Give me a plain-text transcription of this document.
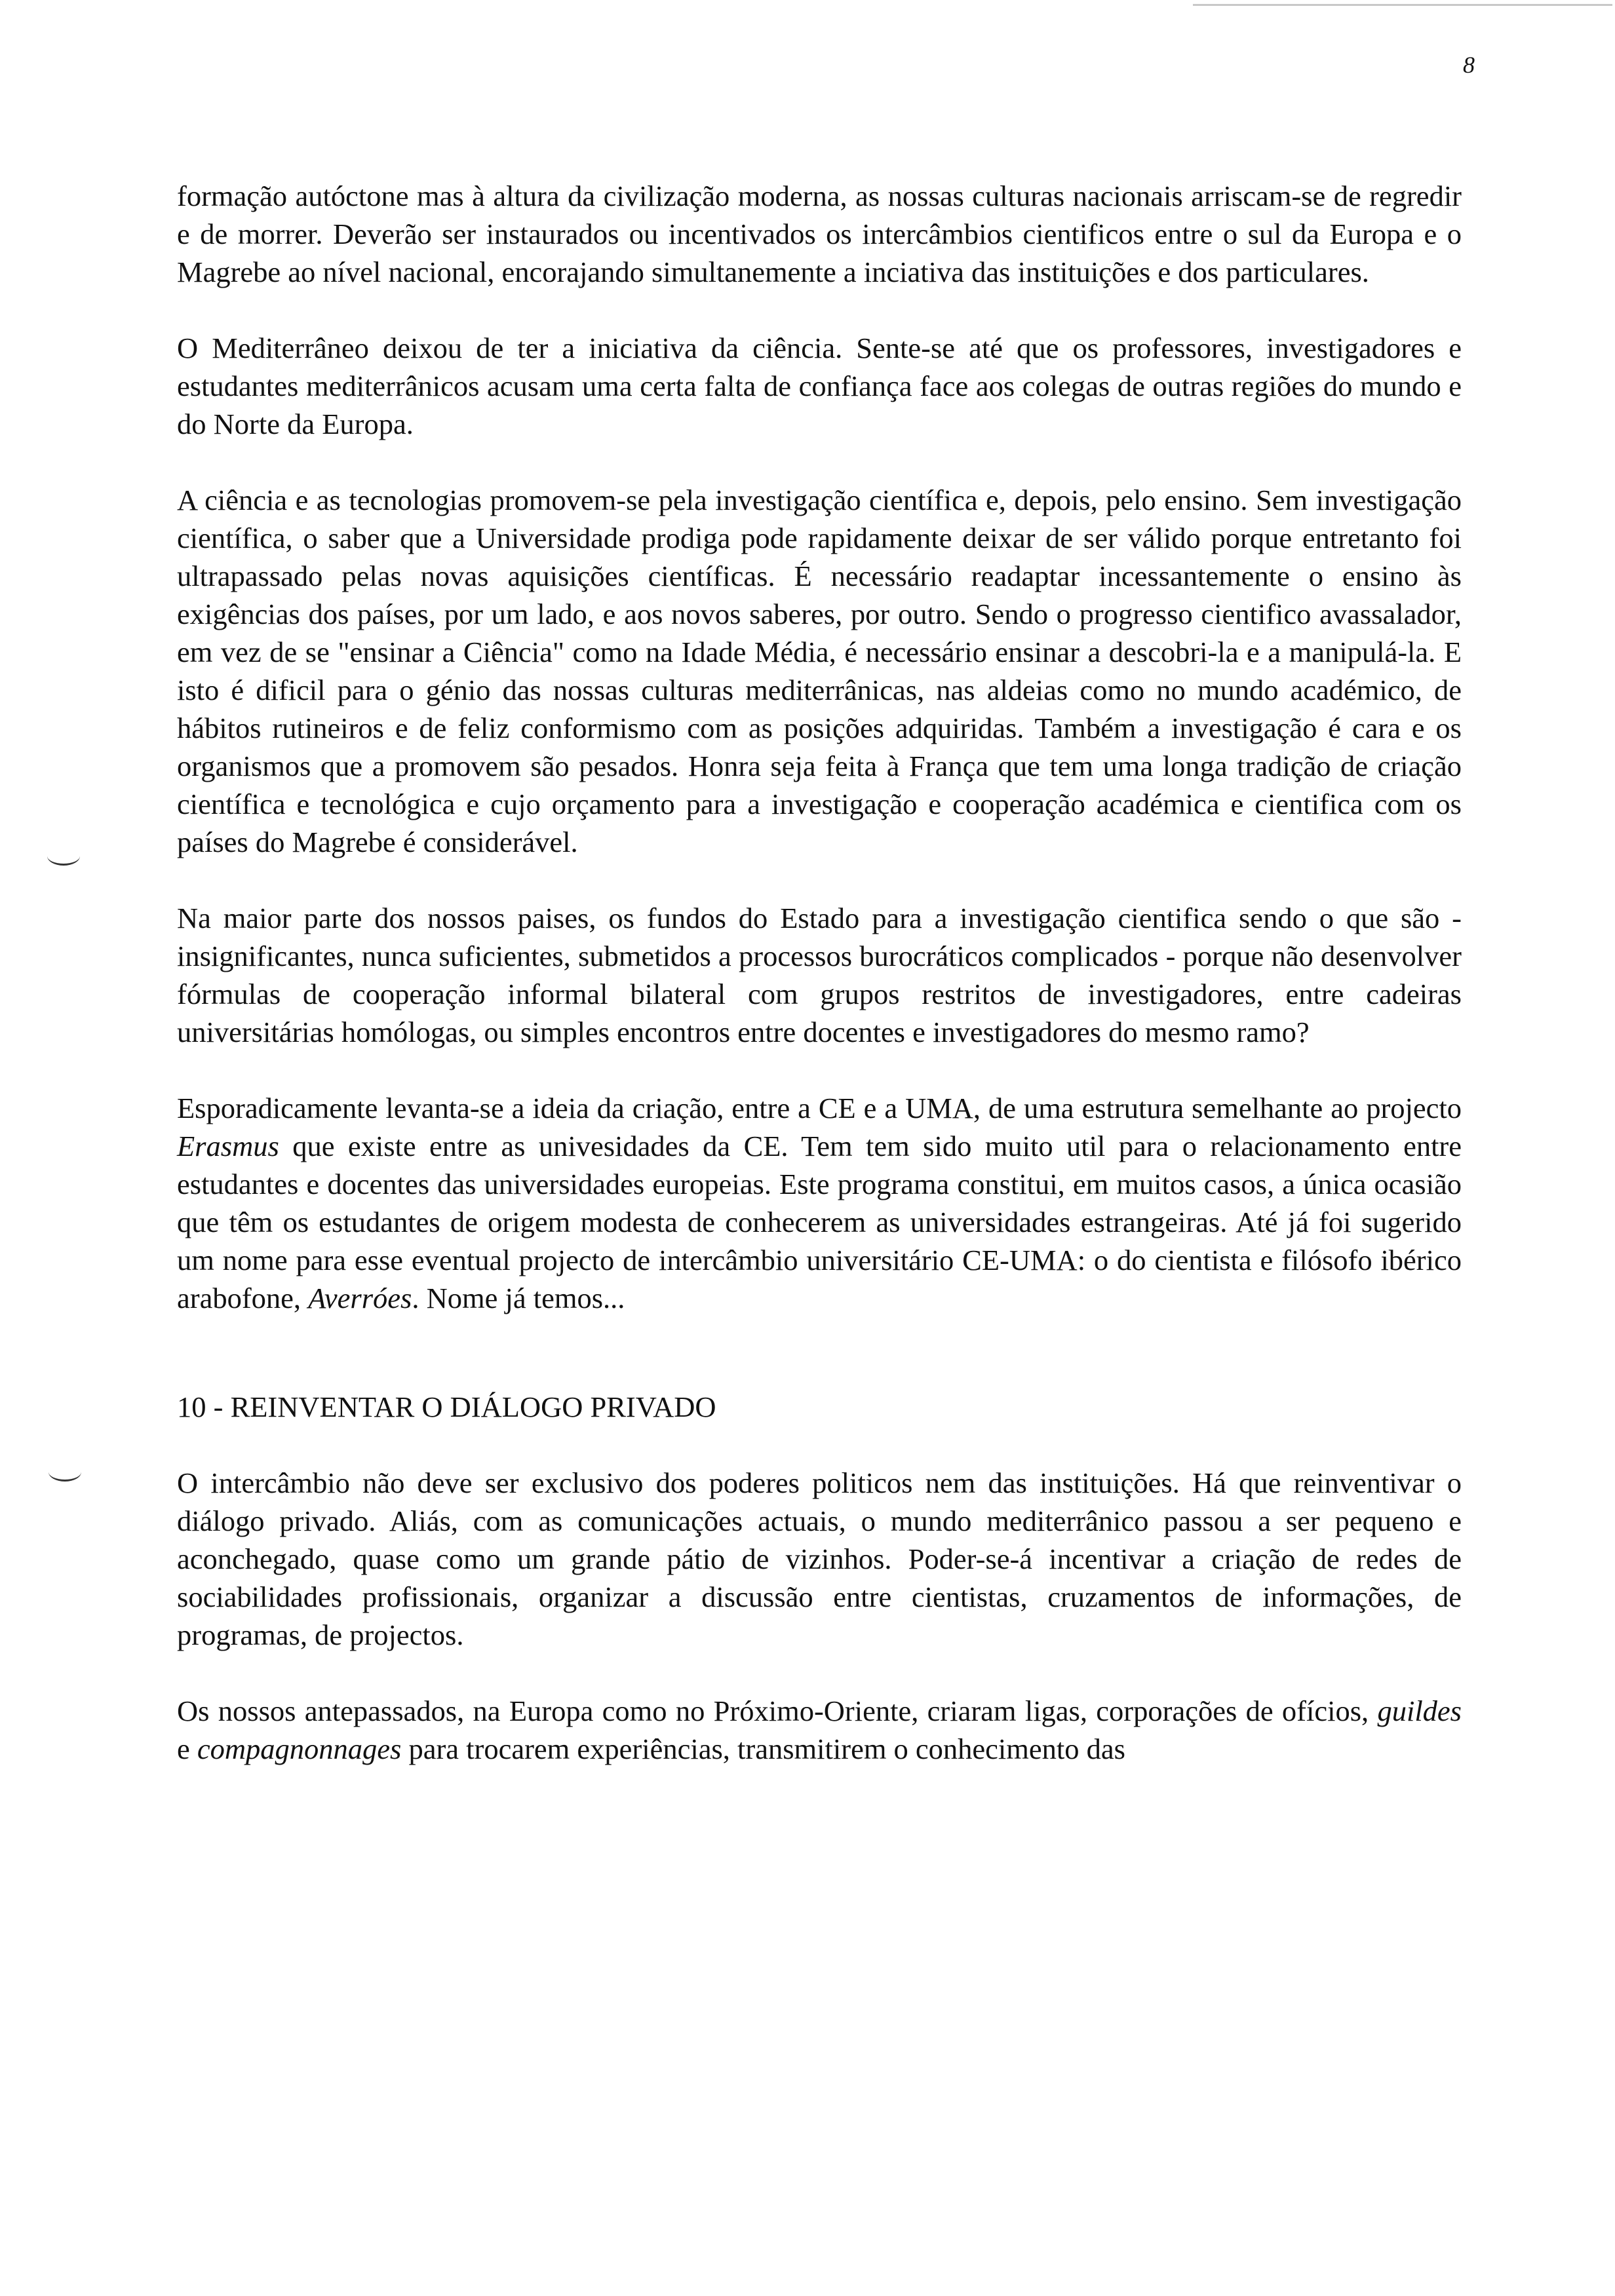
8

formação autóctone mas à altura da civilização moderna, as nossas culturas nacionais arriscam-se de regredir e de morrer. Deverão ser instaurados ou incentivados os intercâmbios cientificos entre o sul da Europa e o Magrebe ao nível nacional, encorajando simultanemente a inciativa das instituições e dos particulares.

O Mediterrâneo deixou de ter a iniciativa da ciência. Sente-se até que os professores, investigadores e estudantes mediterrânicos acusam uma certa falta de confiança face aos colegas de outras regiões do mundo e do Norte da Europa.

A ciência e as tecnologias promovem-se pela investigação científica e, depois, pelo ensino. Sem investigação científica, o saber que a Universidade prodiga pode rapidamente deixar de ser válido porque entretanto foi ultrapassado pelas novas aquisições científicas. É necessário readaptar incessantemente o ensino às exigências dos países, por um lado, e aos novos saberes, por outro. Sendo o progresso cientifico avassalador, em vez de se "ensinar a Ciência" como na Idade Média, é necessário ensinar a descobri-la e a manipulá-la. E isto é dificil para o génio das nossas culturas mediterrânicas, nas aldeias como no mundo académico, de hábitos rutineiros e de feliz conformismo com as posições adquiridas. Também a investigação é cara e os organismos que a promovem são pesados. Honra seja feita à França que tem uma longa tradição de criação científica e tecnológica e cujo orçamento para a investigação e cooperação académica e cientifica com os países do Magrebe é considerável.

Na maior parte dos nossos paises, os fundos do Estado para a investigação cientifica sendo o que são - insignificantes, nunca suficientes, submetidos a processos burocráticos complicados - porque não desenvolver fórmulas de cooperação informal bilateral com grupos restritos de investigadores, entre cadeiras universitárias homólogas, ou simples encontros entre docentes e investigadores do mesmo ramo?

Esporadicamente levanta-se a ideia da criação, entre a CE e a UMA, de uma estrutura semelhante ao projecto Erasmus que existe entre as univesidades da CE. Tem tem sido muito util para o relacionamento entre estudantes e docentes das universidades europeias. Este programa constitui, em muitos casos, a única ocasião que têm os estudantes de origem modesta de conhecerem as universidades estrangeiras. Até já foi sugerido um nome para esse eventual projecto de intercâmbio universitário CE-UMA: o do cientista e filósofo ibérico arabofone, Averróes. Nome já temos...

10 - REINVENTAR O DIÁLOGO PRIVADO

O intercâmbio não deve ser exclusivo dos poderes politicos nem das instituições. Há que reinventivar o diálogo privado. Aliás, com as comunicações actuais, o mundo mediterrânico passou a ser pequeno e aconchegado, quase como um grande pátio de vizinhos. Poder-se-á incentivar a criação de redes de sociabilidades profissionais, organizar a discussão entre cientistas, cruzamentos de informações, de programas, de projectos.

Os nossos antepassados, na Europa como no Próximo-Oriente, criaram ligas, corporações de ofícios, guildes e compagnonnages para trocarem experiências, transmitirem o conhecimento das
